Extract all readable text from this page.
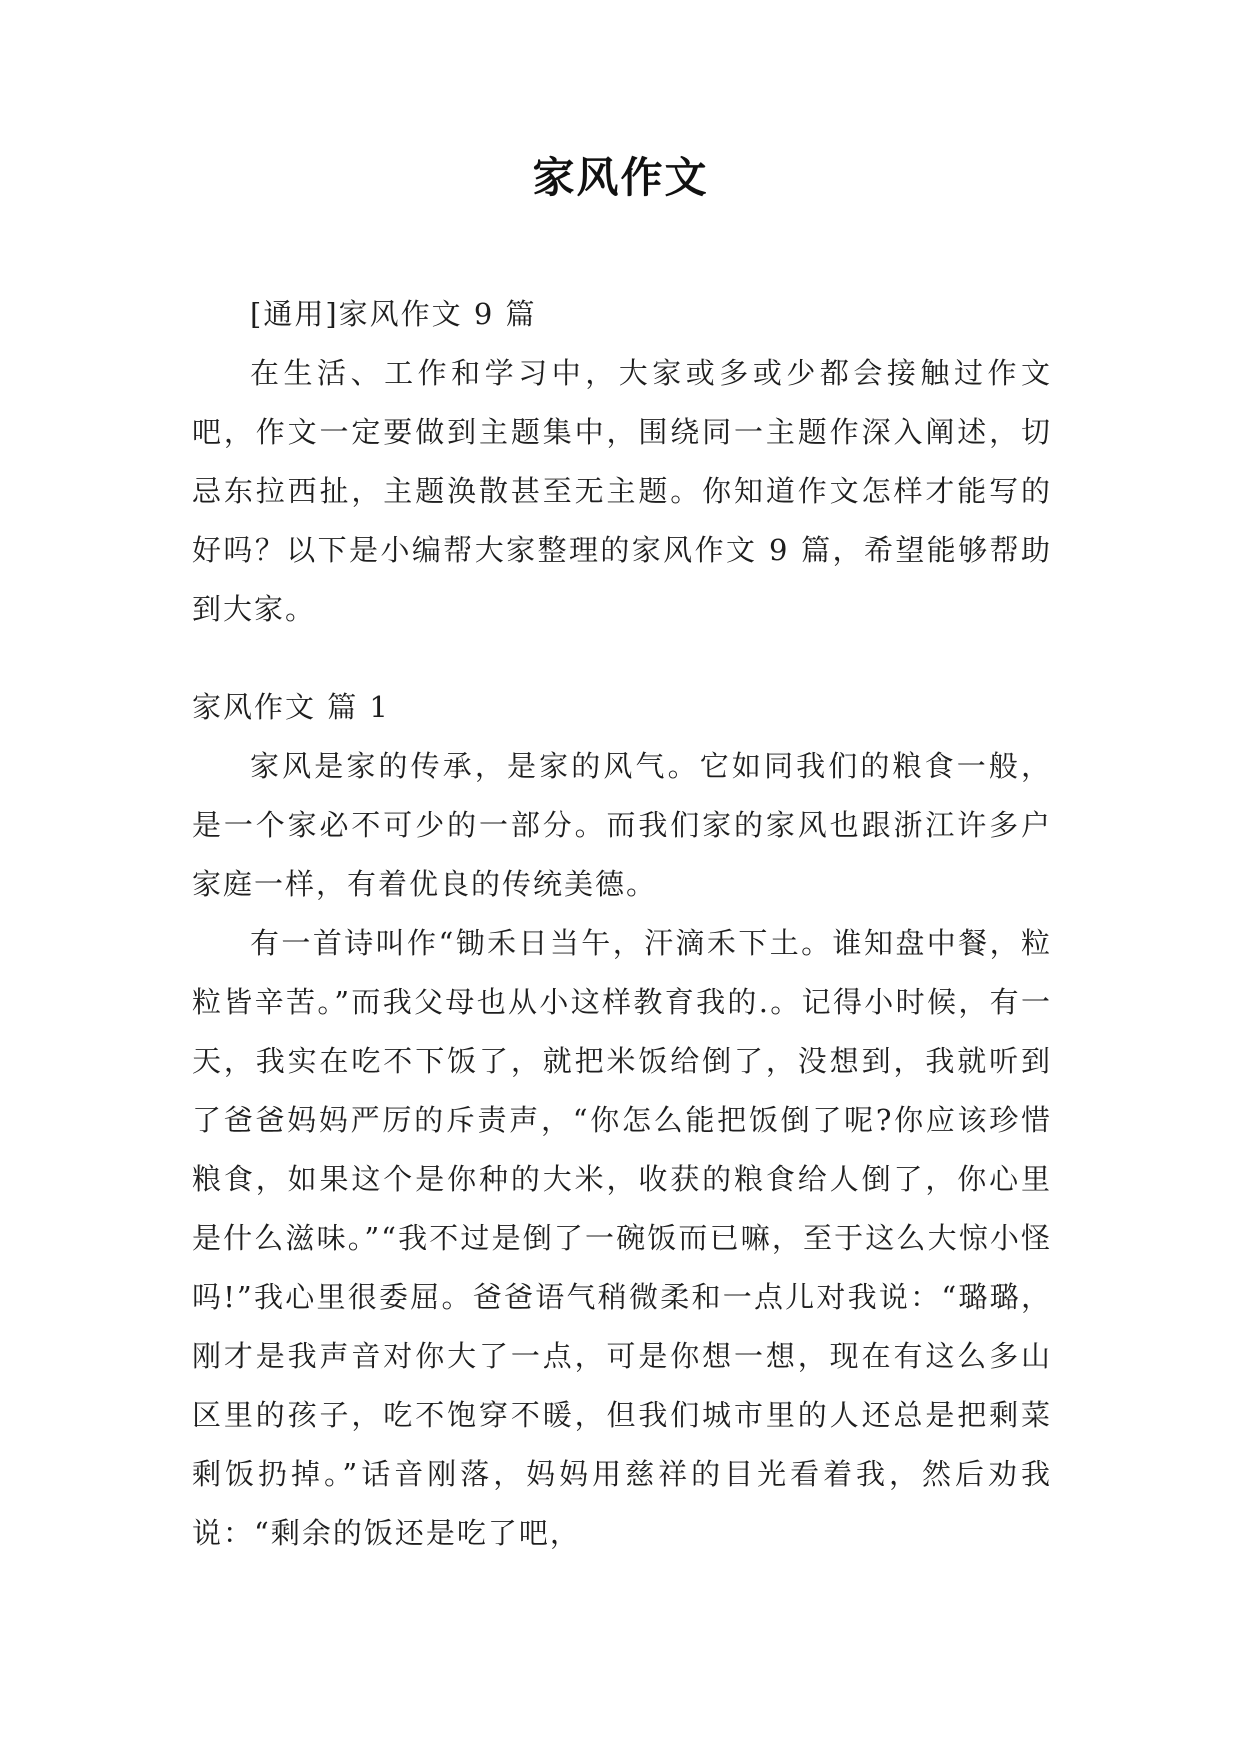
家风作文

[通用]家风作文 9 篇

在生活、工作和学习中，大家或多或少都会接触过作文吧，作文一定要做到主题集中，围绕同一主题作深入阐述，切忌东拉西扯，主题涣散甚至无主题。你知道作文怎样才能写的好吗？以下是小编帮大家整理的家风作文 9 篇，希望能够帮助到大家。

家风作文 篇 1

家风是家的传承，是家的风气。它如同我们的粮食一般，是一个家必不可少的一部分。而我们家的家风也跟浙江许多户家庭一样，有着优良的传统美德。

有一首诗叫作“锄禾日当午，汗滴禾下土。谁知盘中餐，粒粒皆辛苦。”而我父母也从小这样教育我的.。记得小时候，有一天，我实在吃不下饭了，就把米饭给倒了，没想到，我就听到了爸爸妈妈严厉的斥责声，“你怎么能把饭倒了呢?你应该珍惜粮食，如果这个是你种的大米，收获的粮食给人倒了，你心里是什么滋味。”“我不过是倒了一碗饭而已嘛，至于这么大惊小怪吗!”我心里很委屈。爸爸语气稍微柔和一点儿对我说：“璐璐，刚才是我声音对你大了一点，可是你想一想，现在有这么多山区里的孩子，吃不饱穿不暖，但我们城市里的人还总是把剩菜剩饭扔掉。”话音刚落，妈妈用慈祥的目光看着我，然后劝我说：“剩余的饭还是吃了吧，
